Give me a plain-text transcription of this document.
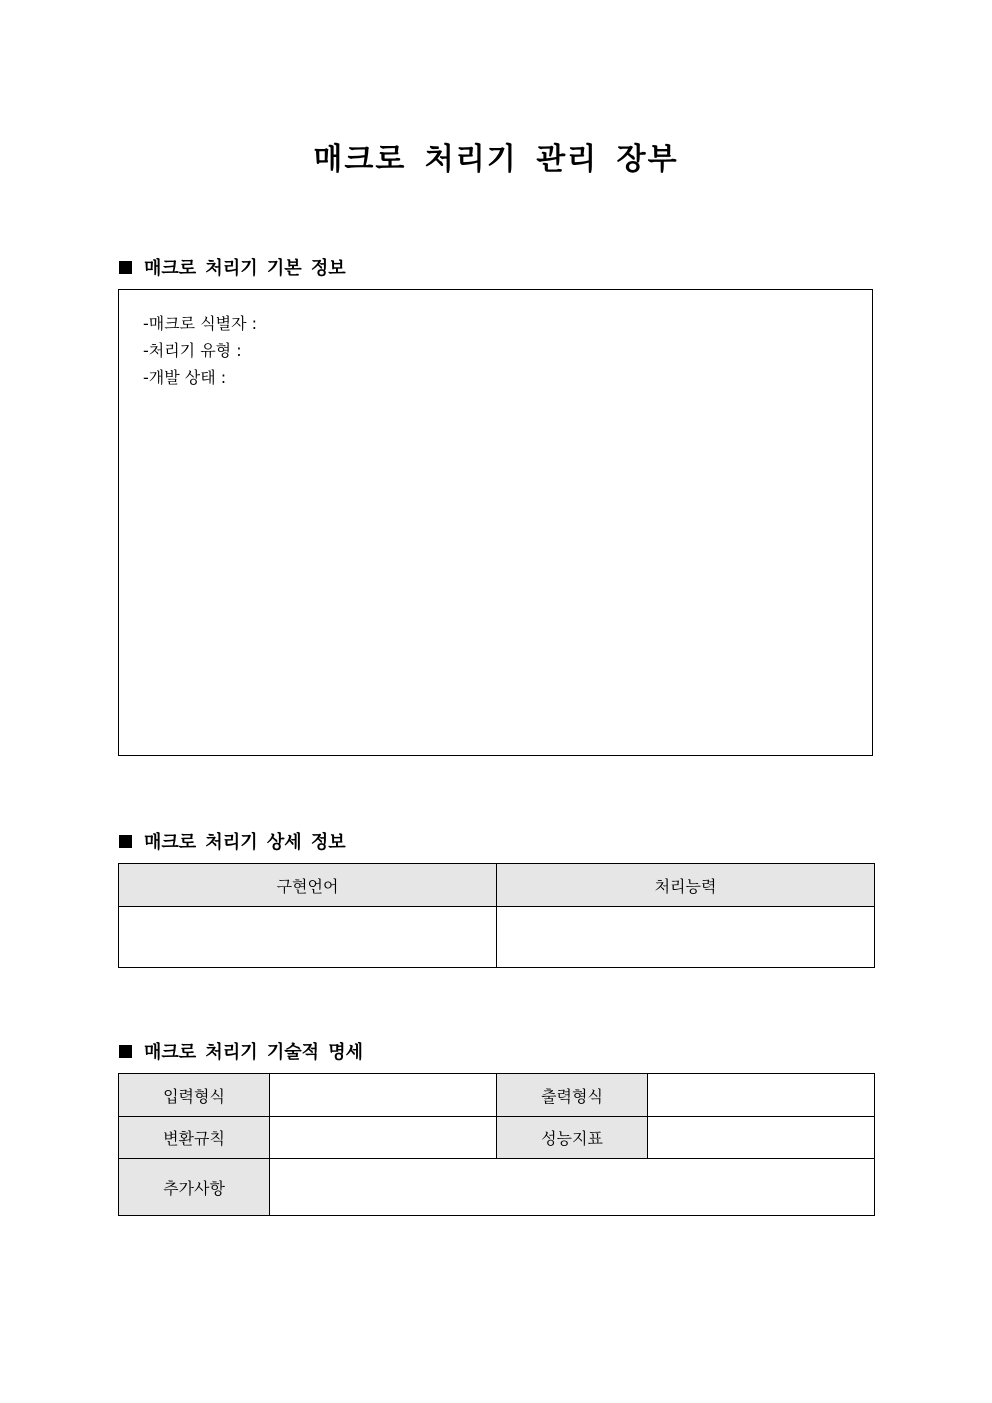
매크로 처리기 관리 장부
매크로 처리기 기본 정보
-매크로 식별자 :
-처리기 유형 :
-개발 상태 :
매크로 처리기 상세 정보
구현언어	처리능력

매크로 처리기 기술적 명세
입력형식		출력형식	
변환규칙		성능지표	
추가사항			
